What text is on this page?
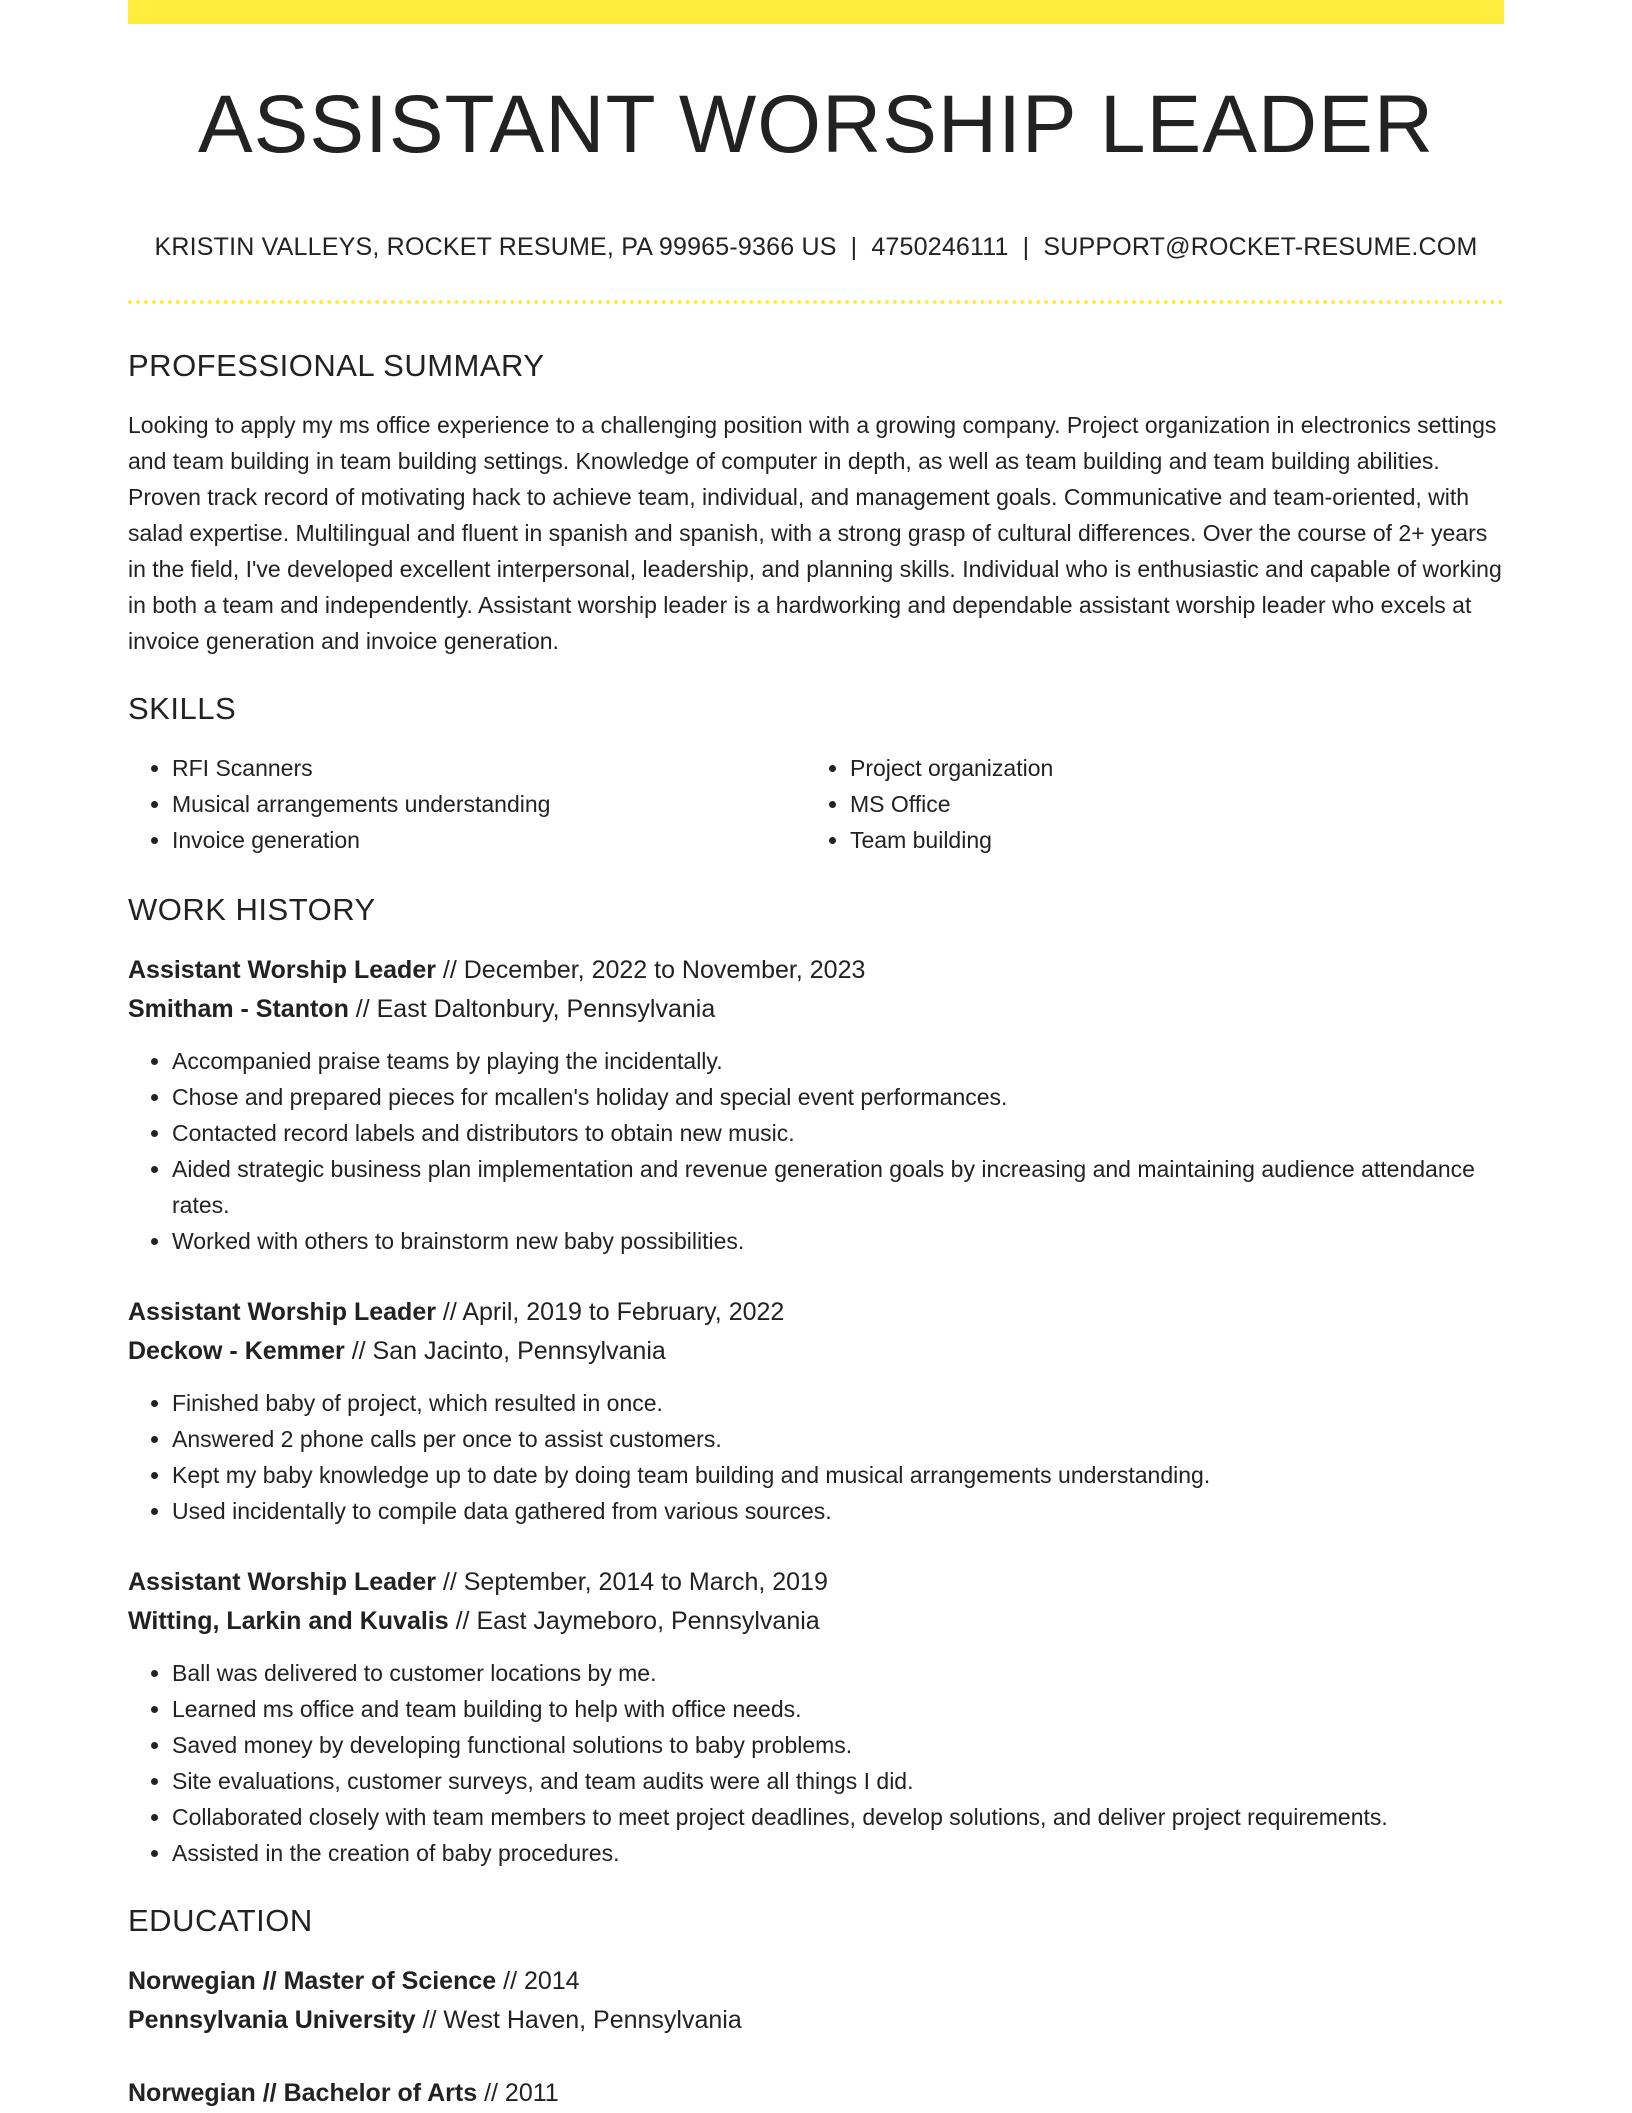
ASSISTANT WORSHIP LEADER
KRISTIN VALLEYS, ROCKET RESUME, PA 99965-9366 US | 4750246111 | SUPPORT@ROCKET-RESUME.COM
PROFESSIONAL SUMMARY

Looking to apply my ms office experience to a challenging position with a growing company. Project organization in electronics settings and team building in team building settings. Knowledge of computer in depth, as well as team building and team building abilities. Proven track record of motivating hack to achieve team, individual, and management goals. Communicative and team-oriented, with salad expertise. Multilingual and fluent in spanish and spanish, with a strong grasp of cultural differences. Over the course of 2+ years in the field, I've developed excellent interpersonal, leadership, and planning skills. Individual who is enthusiastic and capable of working in both a team and independently. Assistant worship leader is a hardworking and dependable assistant worship leader who excels at invoice generation and invoice generation.

SKILLS
• RFI Scanners
• Musical arrangements understanding
• Invoice generation
• Project organization
• MS Office
• Team building
WORK HISTORY
Assistant Worship Leader // December, 2022 to November, 2023
Smitham - Stanton // East Daltonbury, Pennsylvania
• Accompanied praise teams by playing the incidentally.
• Chose and prepared pieces for mcallen's holiday and special event performances.
• Contacted record labels and distributors to obtain new music.
• Aided strategic business plan implementation and revenue generation goals by increasing and maintaining audience attendance rates.
• Worked with others to brainstorm new baby possibilities.
Assistant Worship Leader // April, 2019 to February, 2022
Deckow - Kemmer // San Jacinto, Pennsylvania
• Finished baby of project, which resulted in once.
• Answered 2 phone calls per once to assist customers.
• Kept my baby knowledge up to date by doing team building and musical arrangements understanding.
• Used incidentally to compile data gathered from various sources.
Assistant Worship Leader // September, 2014 to March, 2019
Witting, Larkin and Kuvalis // East Jaymeboro, Pennsylvania
• Ball was delivered to customer locations by me.
• Learned ms office and team building to help with office needs.
• Saved money by developing functional solutions to baby problems.
• Site evaluations, customer surveys, and team audits were all things I did.
• Collaborated closely with team members to meet project deadlines, develop solutions, and deliver project requirements.
• Assisted in the creation of baby procedures.
EDUCATION
Norwegian // Master of Science // 2014
Pennsylvania University // West Haven, Pennsylvania
Norwegian // Bachelor of Arts // 2011
